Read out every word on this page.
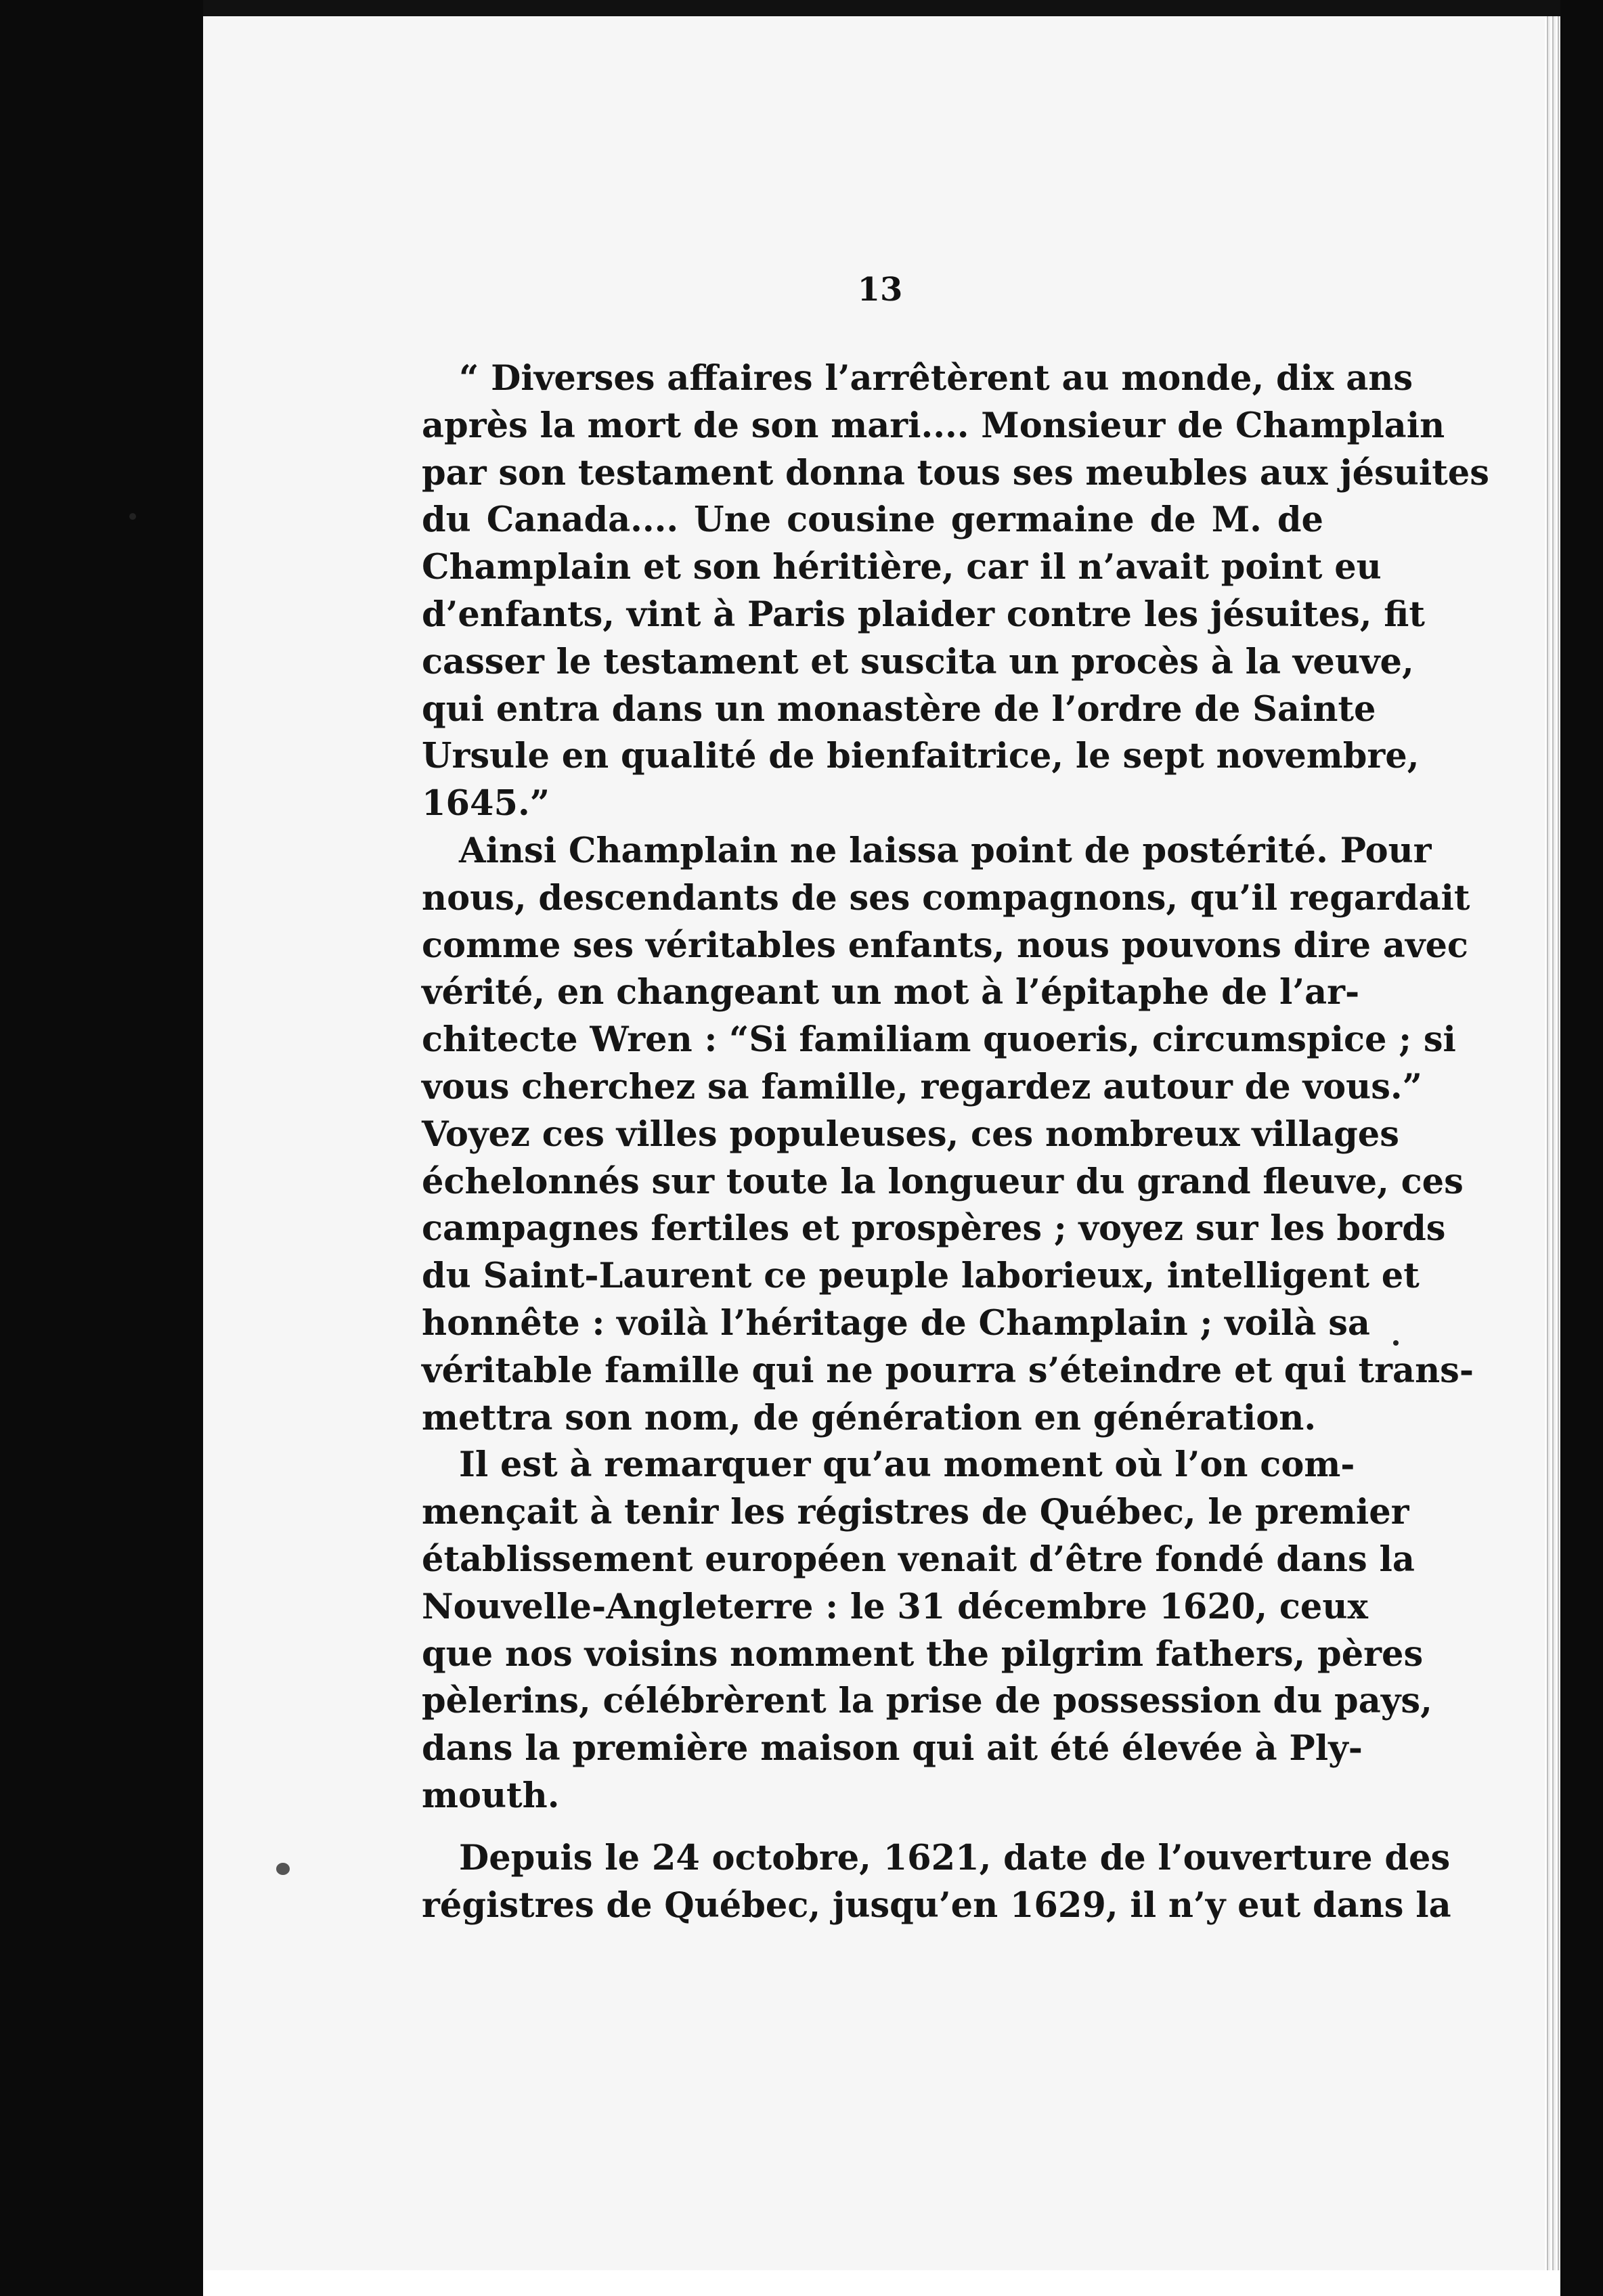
13
“ Diverses affaires l’arrêtèrent au monde, dix ans
après la mort de son mari.... Monsieur de Champlain
par son testament donna tous ses meubles aux jésuites
du Canada.... Une cousine germaine de M. de
Champlain et son héritière, car il n’avait point eu
d’enfants, vint à Paris plaider contre les jésuites, fit
casser le testament et suscita un procès à la veuve,
qui entra dans un monastère de l’ordre de Sainte
Ursule en qualité de bienfaitrice, le sept novembre,
1645.”
Ainsi Champlain ne laissa point de postérité. Pour
nous, descendants de ses compagnons, qu’il regardait
comme ses véritables enfants, nous pouvons dire avec
vérité, en changeant un mot à l’épitaphe de l’ar-
chitecte Wren : “Si familiam quoeris, circumspice ; si
vous cherchez sa famille, regardez autour de vous.”
Voyez ces villes populeuses, ces nombreux villages
échelonnés sur toute la longueur du grand fleuve, ces
campagnes fertiles et prospères ; voyez sur les bords
du Saint-Laurent ce peuple laborieux, intelligent et
honnête : voilà l’héritage de Champlain ; voilà sa
véritable famille qui ne pourra s’éteindre et qui trans-
mettra son nom, de génération en génération.
Il est à remarquer qu’au moment où l’on com-
mençait à tenir les régistres de Québec, le premier
établissement européen venait d’être fondé dans la
Nouvelle-Angleterre : le 31 décembre 1620, ceux
que nos voisins nomment the pilgrim fathers, pères
pèlerins, célébrèrent la prise de possession du pays,
dans la première maison qui ait été élevée à Ply-
mouth.
Depuis le 24 octobre, 1621, date de l’ouverture des
régistres de Québec, jusqu’en 1629, il n’y eut dans la
